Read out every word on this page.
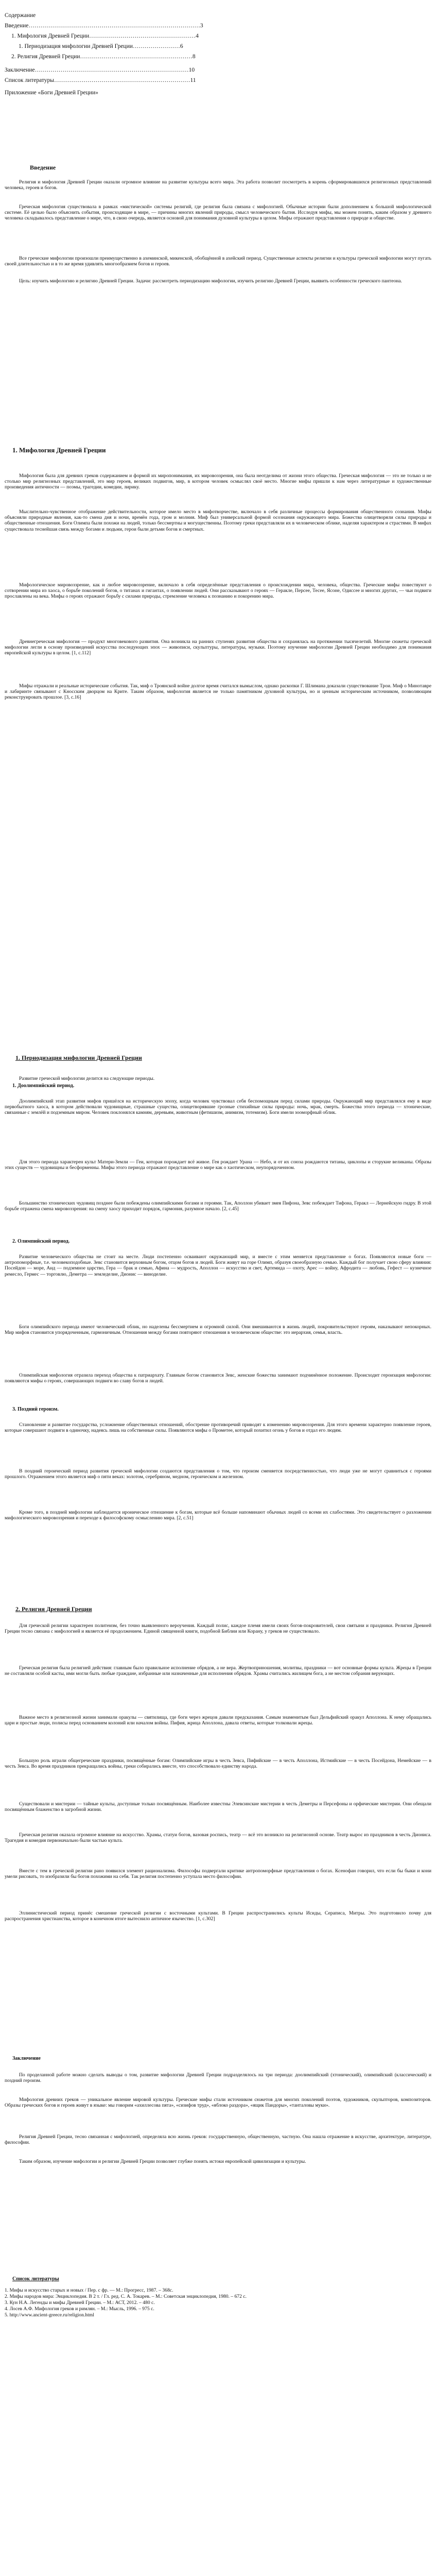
Содержание
Введение……………………………………………………………………………3
1. Мифология Древней Греции………………………………………………4
1. Периодизация мифологии Древней Греции……………………6
2. Религия Древней Греции…………………………………………………8
Заключение……………………………………………………………………10
Список литературы……………………………………………………………11
Приложение «Боги Древней Греции»
Введение

Религия и мифология Древней Греции оказали огромное влияние на развитие культуры всего мира. Эта работа позволит посмотреть в корень сформировавшихся религиозных представлений человека, героев и богов.

Греческая мифология существовала в рамках «мистической» системы религий, где религия была связана с мифологией. Обычные истории были дополнением к большой мифологической системе. Её целью было объяснить события, происходящие в мире, — причины многих явлений природы, смысл человеческого бытия. Исследуя мифы, мы можем понять, каким образом у древнего человека складывалось представление о мире, что, в свою очередь, является основой для понимания духовной культуры в целом. Мифы отражают представления о природе и обществе.

Все греческие мифологии произошли преимущественно в ахеминской, микенской, обобщённой в ахейский период. Существенные аспекты религии и культуры греческой мифологии могут пугать своей длительностью и в то же время удивлять многообразием богов и героев.

Цель: изучить мифологию и религию Древней Греции. Задачи: рассмотреть периодизацию мифологии, изучить религию Древней Греции, выявить особенности греческого пантеона.

1. Мифология Древней Греции

Мифология была для древних греков содержанием и формой их миропонимания, их мировоззрения, она была неотделима от жизни этого общества. Греческая мифология — это не только и не столько мир религиозных представлений, это мир героев, великих подвигов, мир, в котором человек осмыслял своё место. Многие мифы пришли к нам через литературные и художественные произведения античности — поэмы, трагедии, комедии, лирику.

Мыслительно-чувственное отображение действительности, которое имело место в мифотворчестве, включало в себя различные процессы формирования общественного сознания. Мифы объясняли природные явления, как-то смена дня и ночи, времён года, гром и молния. Миф был универсальной формой осознания окружающего мира. Божества олицетворяли силы природы и общественные отношения. Боги Олимпа были похожи на людей, только бессмертны и могущественны. Поэтому греки представляли их в человеческом облике, наделяя характером и страстями. В мифах существовала теснейшая связь между богами и людьми, герои были детьми богов и смертных.

Мифологическое мировоззрение, как и любое мировоззрение, включало в себя определённые представления о происхождении мира, человека, общества. Греческие мифы повествуют о сотворении мира из хаоса, о борьбе поколений богов, о титанах и гигантах, о появлении людей. Они рассказывают о героях — Геракле, Персее, Тесее, Ясоне, Одиссее и многих других, — чьи подвиги прославлены на века. Мифы о героях отражают борьбу с силами природы, стремление человека к познанию и покорению мира.

Древнегреческая мифология — продукт многовекового развития. Она возникла на ранних ступенях развития общества и сохранялась на протяжении тысячелетий. Многие сюжеты греческой мифологии легли в основу произведений искусства последующих эпох — живописи, скульптуры, литературы, музыки. Поэтому изучение мифологии Древней Греции необходимо для понимания европейской культуры в целом. [1, с.112]

Мифы отражали и реальные исторические события. Так, миф о Троянской войне долгое время считался вымыслом, однако раскопки Г. Шлимана доказали существование Трои. Миф о Минотавре и лабиринте связывают с Кносским дворцом на Крите. Таким образом, мифология является не только памятником духовной культуры, но и ценным историческим источником, позволяющим реконструировать прошлое. [3, с.16]

1. Периодизация мифологии Древней Греции

Развитие греческой мифологии делится на следующие периоды.

1. Доолимпийский период.

Доолимпийский этап развития мифов пришёлся на историческую эпоху, когда человек чувствовал себя беспомощным перед силами природы. Окружающий мир представлялся ему в виде первобытного хаоса, в котором действовали чудовищные, страшные существа, олицетворявшие грозные стихийные силы природы: ночь, мрак, смерть. Божества этого периода — хтонические, связанные с землёй и подземным миром. Человек поклонялся камням, деревьям, животным (фетишизм, анимизм, тотемизм). Боги имели зооморфный облик.

Для этого периода характерен культ Матери-Земли — Геи, которая порождает всё живое. Гея рождает Урана — Небо, и от их союза рождаются титаны, циклопы и сторукие великаны. Образы этих существ — чудовищны и бесформенны. Мифы этого периода отражают представление о мире как о хаотическом, неупорядоченном.

Большинство хтонических чудовищ позднее были побеждены олимпийскими богами и героями. Так, Аполлон убивает змея Пифона, Зевс побеждает Тифона, Геракл — Лернейскую гидру. В этой борьбе отражена смена мировоззрения: на смену хаосу приходит порядок, гармония, разумное начало. [2, с.45]

2. Олимпийский период.

Развитие человеческого общества не стоит на месте. Люди постепенно осваивают окружающий мир, и вместе с этим меняется представление о богах. Появляются новые боги — антропоморфные, т.е. человекоподобные. Зевс становится верховным богом, отцом богов и людей. Боги живут на горе Олимп, образуя своеобразную семью. Каждый бог получает свою сферу влияния: Посейдон — море, Аид — подземное царство, Гера — брак и семью, Афина — мудрость, Аполлон — искусство и свет, Артемида — охоту, Арес — войну, Афродита — любовь, Гефест — кузнечное ремесло, Гермес — торговлю, Деметра — земледелие, Дионис — виноделие.

Боги олимпийского периода имеют человеческий облик, но наделены бессмертием и огромной силой. Они вмешиваются в жизнь людей, покровительствуют героям, наказывают непокорных. Мир мифов становится упорядоченным, гармоничным. Отношения между богами повторяют отношения в человеческом обществе: это иерархия, семья, власть.

Олимпийская мифология отразила переход общества к патриархату. Главным богом становится Зевс, женские божества занимают подчинённое положение. Происходит героизация мифологии: появляются мифы о героях, совершающих подвиги во славу богов и людей.

3. Поздний героизм.

Становление и развитие государства, усложнение общественных отношений, обострение противоречий приводят к изменению мировоззрения. Для этого времени характерно появление героев, которые совершают подвиги в одиночку, надеясь лишь на собственные силы. Появляются мифы о Прометее, который похитил огонь у богов и отдал его людям.

В поздний героический период развития греческой мифологии создаются представления о том, что героизм сменяется посредственностью, что люди уже не могут сравниться с героями прошлого. Отражением этого является миф о пяти веках: золотом, серебряном, медном, героическом и железном.

Кроме того, в поздней мифологии наблюдается ироническое отношение к богам, которые всё больше напоминают обычных людей со всеми их слабостями. Это свидетельствует о разложении мифологического мировоззрения и переходе к философскому осмыслению мира. [2, с.51]

2. Религия Древней Греции

Для греческой религии характерен политеизм, без точно выявленного вероучения. Каждый полис, каждое племя имели своих богов-покровителей, свои святыни и праздники. Религия Древней Греции тесно связана с мифологией и является её продолжением. Единой священной книги, подобной Библии или Корану, у греков не существовало.

Греческая религия была религией действия: главным было правильное исполнение обрядов, а не вера. Жертвоприношения, молитвы, праздники — вот основные формы культа. Жрецы в Греции не составляли особой касты, ими могли быть любые граждане, избранные или назначенные для исполнения обрядов. Храмы считались жилищем бога, а не местом собрания верующих.

Важное место в религиозной жизни занимали оракулы — святилища, где боги через жрецов давали предсказания. Самым знаменитым был Дельфийский оракул Аполлона. К нему обращались цари и простые люди, полисы перед основанием колоний или началом войны. Пифия, жрица Аполлона, давала ответы, которые толковали жрецы.

Большую роль играли общегреческие праздники, посвящённые богам: Олимпийские игры в честь Зевса, Пифийские — в честь Аполлона, Истмийские — в честь Посейдона, Немейские — в честь Зевса. Во время праздников прекращались войны, греки собирались вместе, что способствовало единству народа.

Существовали и мистерии — тайные культы, доступные только посвящённым. Наиболее известны Элевсинские мистерии в честь Деметры и Персефоны и орфические мистерии. Они обещали посвящённым блаженство в загробной жизни.

Греческая религия оказала огромное влияние на искусство. Храмы, статуи богов, вазовая роспись, театр — всё это возникло на религиозной основе. Театр вырос из праздников в честь Диониса. Трагедия и комедия первоначально были частью культа.

Вместе с тем в греческой религии рано появился элемент рационализма. Философы подвергали критике антропоморфные представления о богах. Ксенофан говорил, что если бы быки и кони умели рисовать, то изобразили бы богов похожими на себя. Так религия постепенно уступала место философии.

Эллинистический период принёс смешение греческой религии с восточными культами. В Греции распространились культы Исиды, Сераписа, Митры. Это подготовило почву для распространения христианства, которое в конечном итоге вытеснило античное язычество. [1, с.302]

Заключение

По проделанной работе можно сделать выводы о том, развитие мифологии Древней Греции подразделялось на три периода: доолимпийский (хтонический), олимпийский (классический) и поздний героизм.

Мифология древних греков — уникальное явление мировой культуры. Греческие мифы стали источником сюжетов для многих поколений поэтов, художников, скульпторов, композиторов. Образы греческих богов и героев живут в языке: мы говорим «ахиллесова пята», «сизифов труд», «яблоко раздора», «ящик Пандоры», «танталовы муки».

Религия Древней Греции, тесно связанная с мифологией, определяла всю жизнь греков: государственную, общественную, частную. Она нашла отражение в искусстве, архитектуре, литературе, философии.

Таким образом, изучение мифологии и религии Древней Греции позволяет глубже понять истоки европейской цивилизации и культуры.

Список литературы
1. Мифы и искусство старых и новых / Пер. с фр. — М.: Прогресс, 1987. – 368с.
2. Мифы народов мира: Энциклопедия. В 2 т. / Гл. ред. С. А. Токарев. – М.: Советская энциклопедия, 1980. – 672 с.
3. Кун Н.А. Легенды и мифы Древней Греции. – М.: АСТ, 2012. – 480 с.
4. Лосев А.Ф. Мифология греков и римлян. – М.: Мысль, 1996. – 975 с.
5. http://www.ancient-greece.ru/religion.html
